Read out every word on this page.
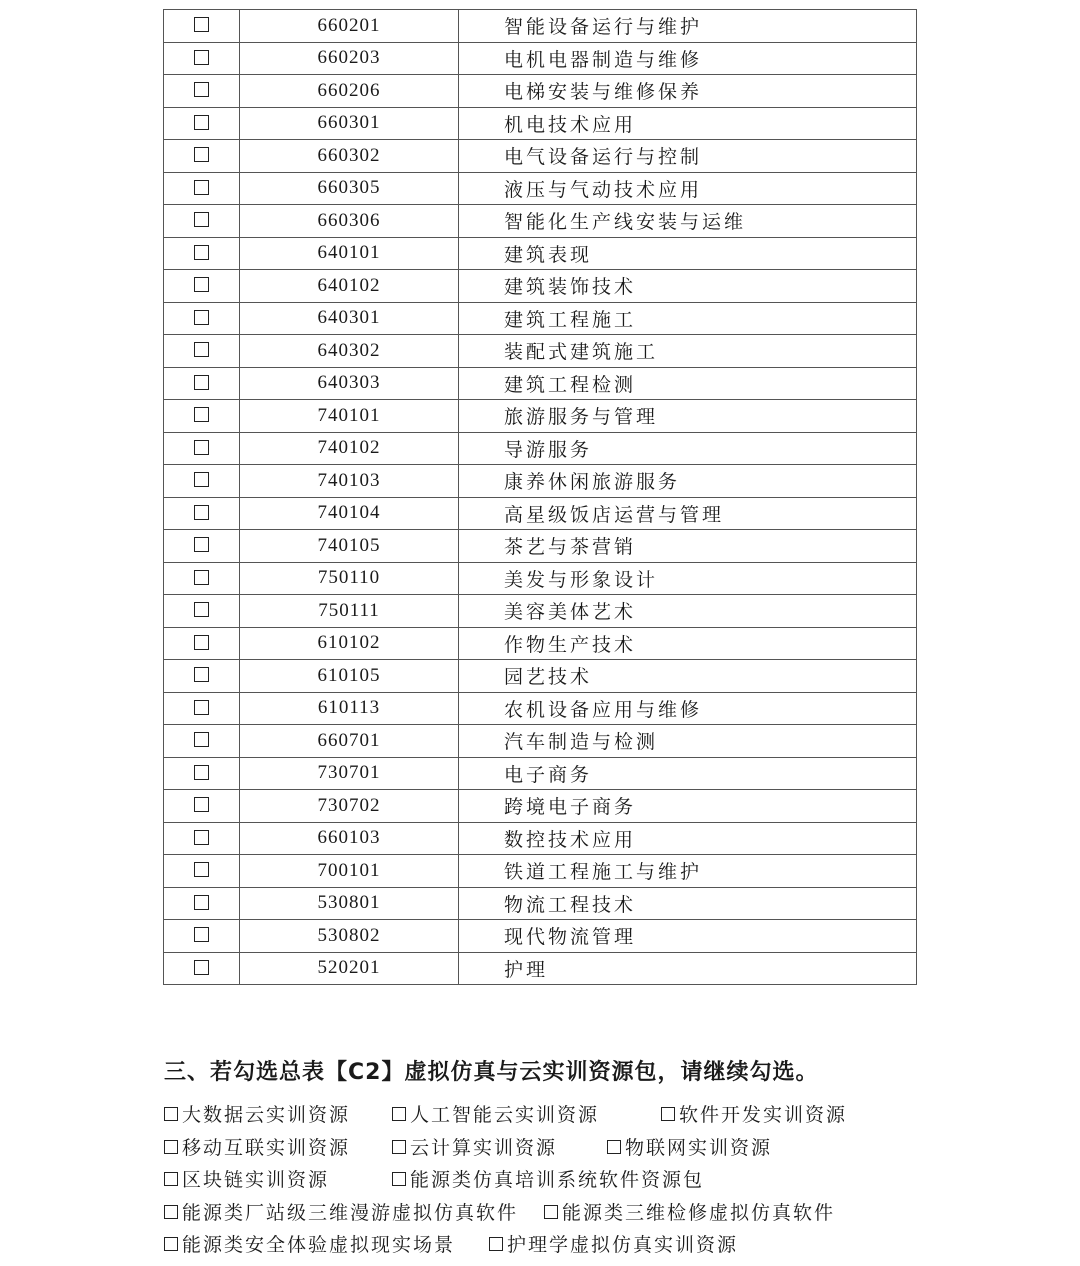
	660201	智能设备运行与维护
	660203	电机电器制造与维修
	660206	电梯安装与维修保养
	660301	机电技术应用
	660302	电气设备运行与控制
	660305	液压与气动技术应用
	660306	智能化生产线安装与运维
	640101	建筑表现
	640102	建筑装饰技术
	640301	建筑工程施工
	640302	装配式建筑施工
	640303	建筑工程检测
	740101	旅游服务与管理
	740102	导游服务
	740103	康养休闲旅游服务
	740104	高星级饭店运营与管理
	740105	茶艺与茶营销
	750110	美发与形象设计
	750111	美容美体艺术
	610102	作物生产技术
	610105	园艺技术
	610113	农机设备应用与维修
	660701	汽车制造与检测
	730701	电子商务
	730702	跨境电子商务
	660103	数控技术应用
	700101	铁道工程施工与维护
	530801	物流工程技术
	530802	现代物流管理
	520201	护理
三、若勾选总表【C2】虚拟仿真与云实训资源包，请继续勾选。
大数据云实训资源	人工智能云实训资源	软件开发实训资源
移动互联实训资源	云计算实训资源	物联网实训资源
区块链实训资源	能源类仿真培训系统软件资源包
能源类厂站级三维漫游虚拟仿真软件 能源类三维检修虚拟仿真软件
能源类安全体验虚拟现实场景	护理学虚拟仿真实训资源
